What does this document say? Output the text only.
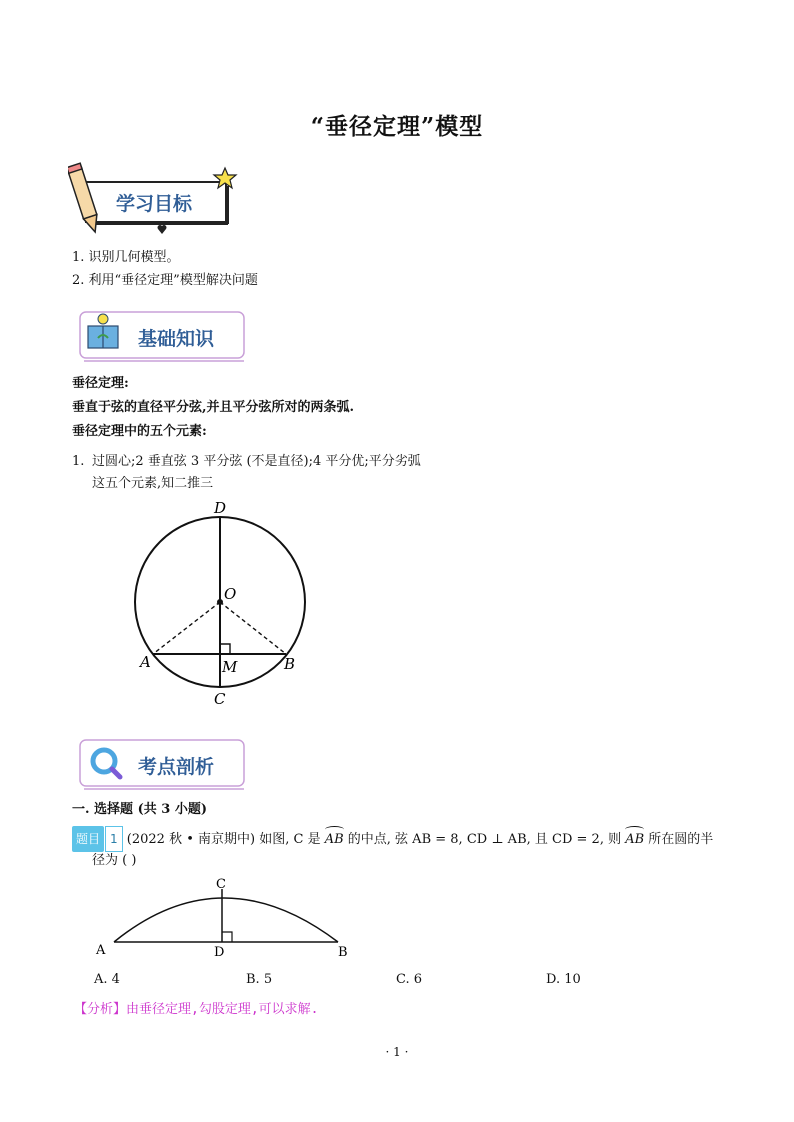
“垂径定理”模型
学习目标
1. 识别几何模型。
2. 利用“垂径定理”模型解决问题
基础知识
垂径定理:
垂直于弦的直径平分弦,并且平分弦所对的两条弧.
垂径定理中的五个元素:
1. 过圆心;2 垂直弦 3 平分弦 (不是直径);4 平分优;平分劣弧
这五个元素,知二推三
D
O
A	M	B
C
考点剖析
一. 选择题 (共 3 小题)
题目 1 (2022 秋 • 南京期中) 如图, C 是 AB 的中点, 弦 AB = 8, CD ⊥ AB, 且 CD = 2, 则 AB 所在圆的半
径为 ( )
C
A	D	B
A. 4	B. 5	C. 6	D. 10
【分析】由垂径定理,勾股定理,可以求解.
· 1 ·
